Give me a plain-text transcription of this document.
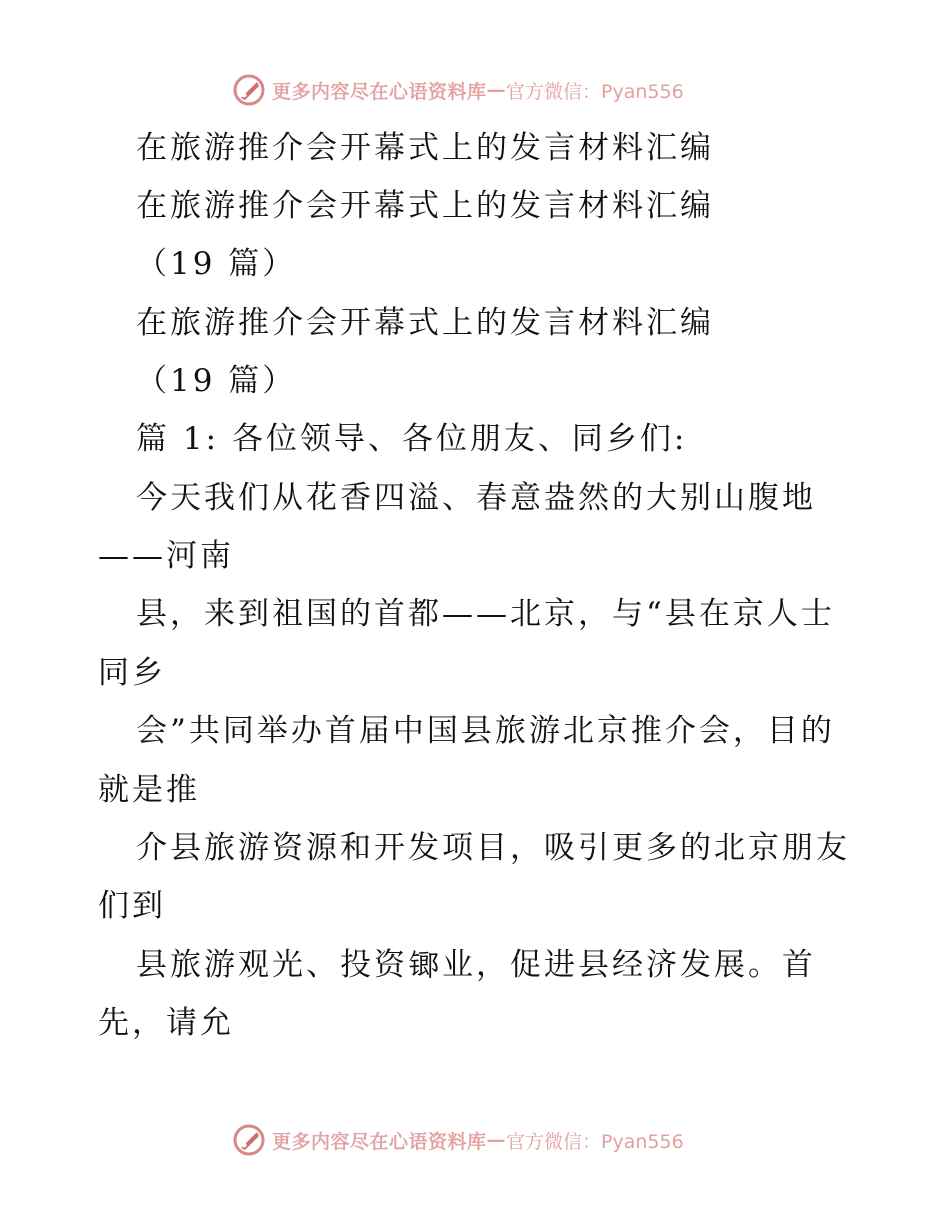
更多内容尽在心语资料库 — 官方微信：Pyan556
在旅游推介会开幕式上的发言材料汇编
在旅游推介会开幕式上的发言材料汇编
（19 篇）
在旅游推介会开幕式上的发言材料汇编
（19 篇）
篇 1: 各位领导、各位朋友、同乡们:
今天我们从花香四溢、春意盎然的大别山腹地
——河南
县，来到祖国的首都——北京，与“县在京人士
同乡
会”共同举办首届中国县旅游北京推介会，目的
就是推
介县旅游资源和开发项目，吸引更多的北京朋友
们到
县旅游观光、投资𨱍业，促进县经济发展。首
先，请允
更多内容尽在心语资料库 — 官方微信：Pyan556
